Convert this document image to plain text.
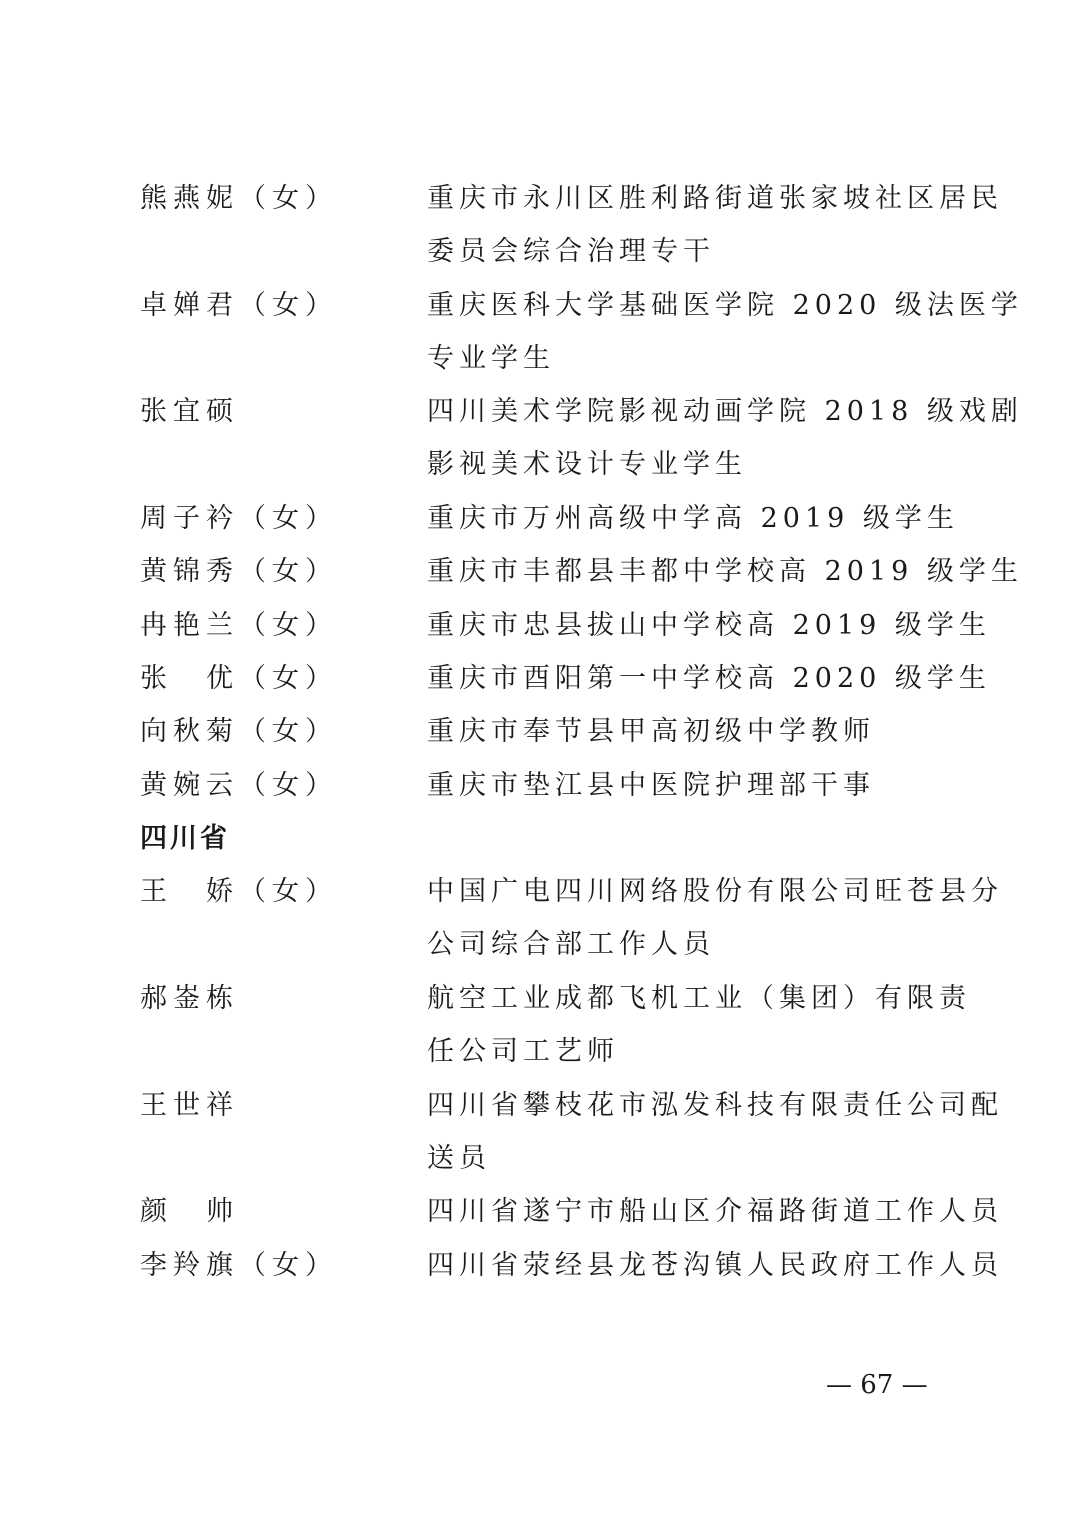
熊燕妮（女）	重庆市永川区胜利路街道张家坡社区居民
委员会综合治理专干
卓婵君（女）	重庆医科大学基础医学院 2020 级法医学
专业学生
张宜硕	四川美术学院影视动画学院 2018 级戏剧
影视美术设计专业学生
周子衿（女）	重庆市万州高级中学高 2019 级学生
黄锦秀（女）	重庆市丰都县丰都中学校高 2019 级学生
冉艳兰（女）	重庆市忠县拔山中学校高 2019 级学生
张　优（女）	重庆市酉阳第一中学校高 2020 级学生
向秋菊（女）	重庆市奉节县甲高初级中学教师
黄婉云（女）	重庆市垫江县中医院护理部干事
四川省
王　娇（女）	中国广电四川网络股份有限公司旺苍县分
公司综合部工作人员
郝崟栋	航空工业成都飞机工业（集团）有限责
任公司工艺师
王世祥	四川省攀枝花市泓发科技有限责任公司配
送员
颜　帅	四川省遂宁市船山区介福路街道工作人员
李羚旗（女）	四川省荥经县龙苍沟镇人民政府工作人员
— 67 —
